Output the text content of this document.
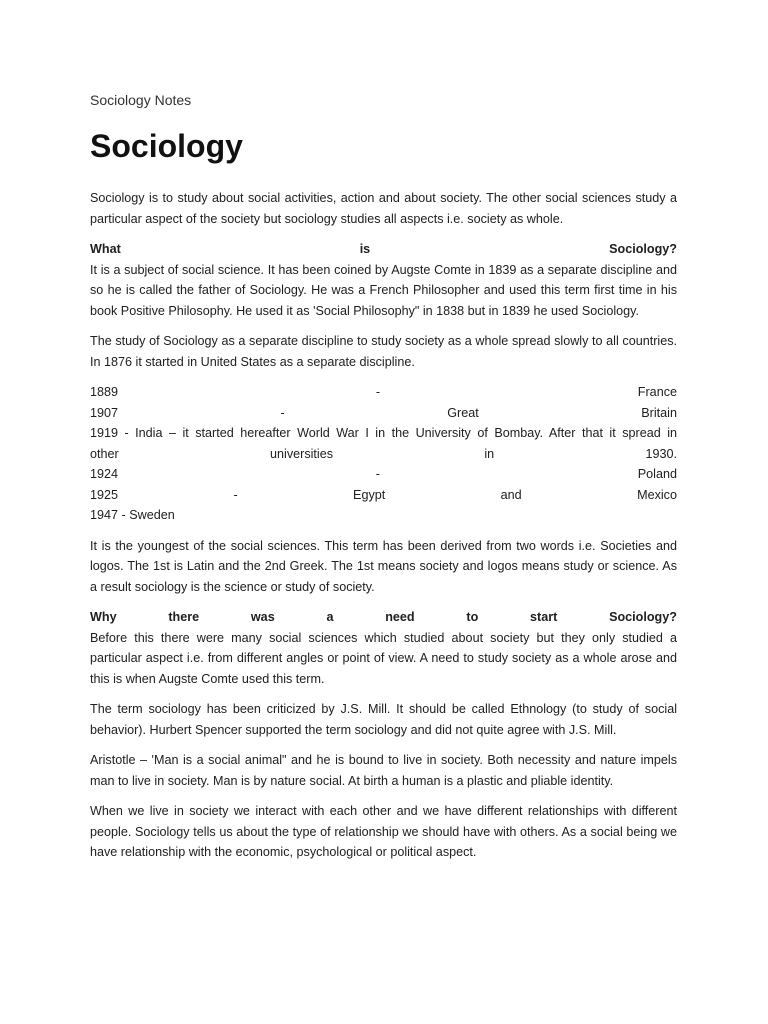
Sociology Notes
Sociology

Sociology is to study about social activities, action and about society. The other social sciences study a particular aspect of the society but sociology studies all aspects i.e. society as whole.

What	is	Sociology?

It is a subject of social science. It has been coined by Augste Comte in 1839 as a separate discipline and so he is called the father of Sociology. He was a French Philosopher and used this term first time in his book Positive Philosophy. He used it as 'Social Philosophy" in 1838 but in 1839 he used Sociology.

The study of Sociology as a separate discipline to study society as a whole spread slowly to all countries. In 1876 it started in United States as a separate discipline.

1889	-	France
1907	-	Great	Britain
1919 - India – it started hereafter World War I in the University of Bombay. After that it spread in
other	universities	in	1930.
1924	-	Poland
1925	-	Egypt	and	Mexico
1947 - Sweden

It is the youngest of the social sciences. This term has been derived from two words i.e. Societies and logos. The 1st is Latin and the 2nd Greek. The 1st means society and logos means study or science. As a result sociology is the science or study of society.

Why	there	was	a	need	to	start	Sociology?

Before this there were many social sciences which studied about society but they only studied a particular aspect i.e. from different angles or point of view. A need to study society as a whole arose and this is when Augste Comte used this term.

The term sociology has been criticized by J.S. Mill. It should be called Ethnology (to study of social behavior). Hurbert Spencer supported the term sociology and did not quite agree with J.S. Mill.

Aristotle – 'Man is a social animal" and he is bound to live in society. Both necessity and nature impels man to live in society. Man is by nature social. At birth a human is a plastic and pliable identity.

When we live in society we interact with each other and we have different relationships with different people. Sociology tells us about the type of relationship we should have with others. As a social being we have relationship with the economic, psychological or political aspect.
